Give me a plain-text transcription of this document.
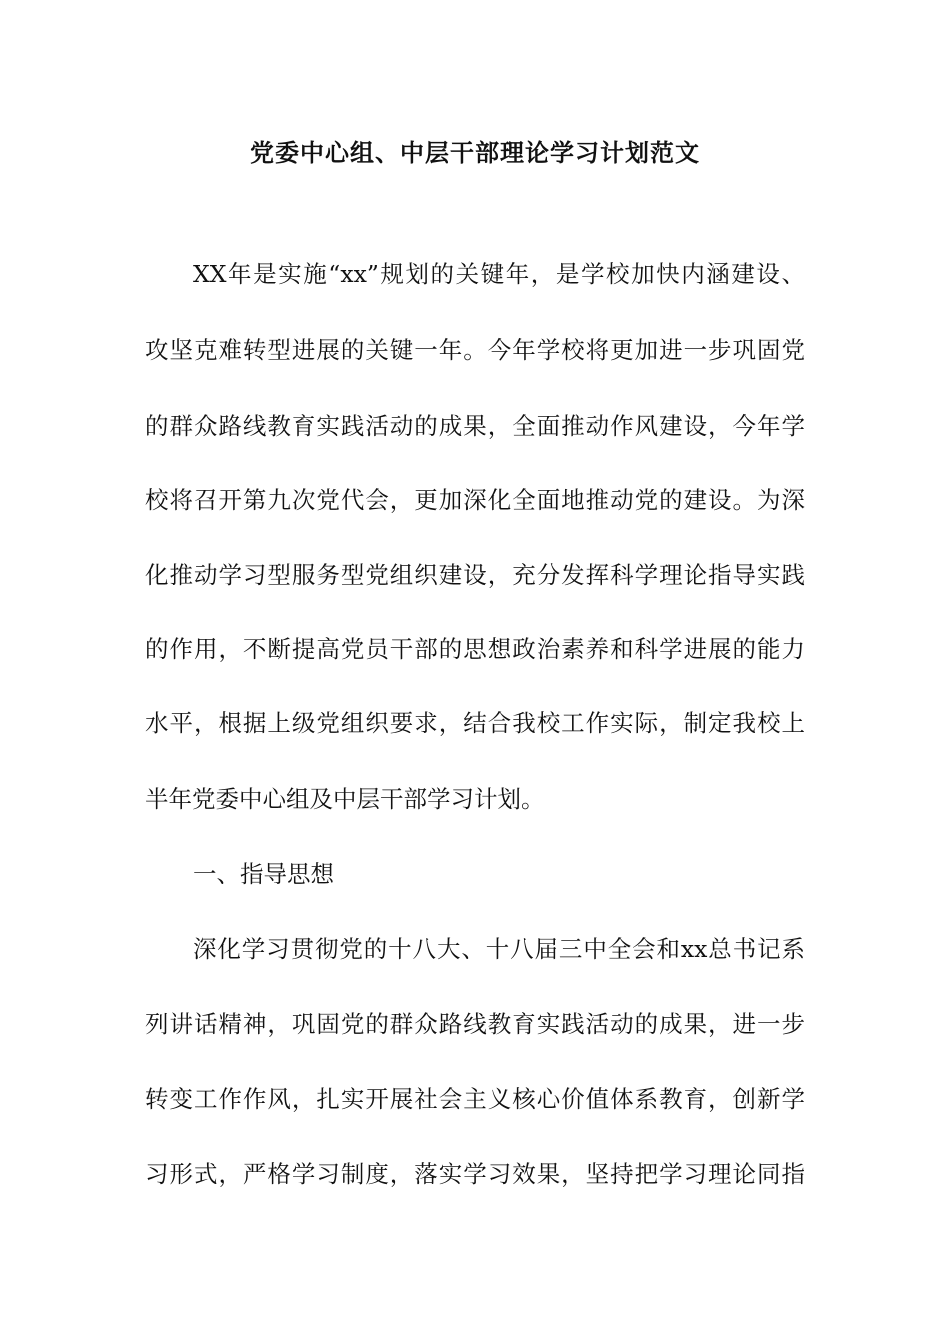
党委中心组、中层干部理论学习计划范文
XX年是实施“xx”规划的关键年，是学校加快内涵建设、
攻坚克难转型进展的关键一年。今年学校将更加进一步巩固党
的群众路线教育实践活动的成果，全面推动作风建设，今年学
校将召开第九次党代会，更加深化全面地推动党的建设。为深
化推动学习型服务型党组织建设，充分发挥科学理论指导实践
的作用，不断提高党员干部的思想政治素养和科学进展的能力
水平，根据上级党组织要求，结合我校工作实际，制定我校上
半年党委中心组及中层干部学习计划。
一、指导思想
深化学习贯彻党的十八大、十八届三中全会和xx总书记系
列讲话精神，巩固党的群众路线教育实践活动的成果，进一步
转变工作作风，扎实开展社会主义核心价值体系教育，创新学
习形式，严格学习制度，落实学习效果，坚持把学习理论同指
